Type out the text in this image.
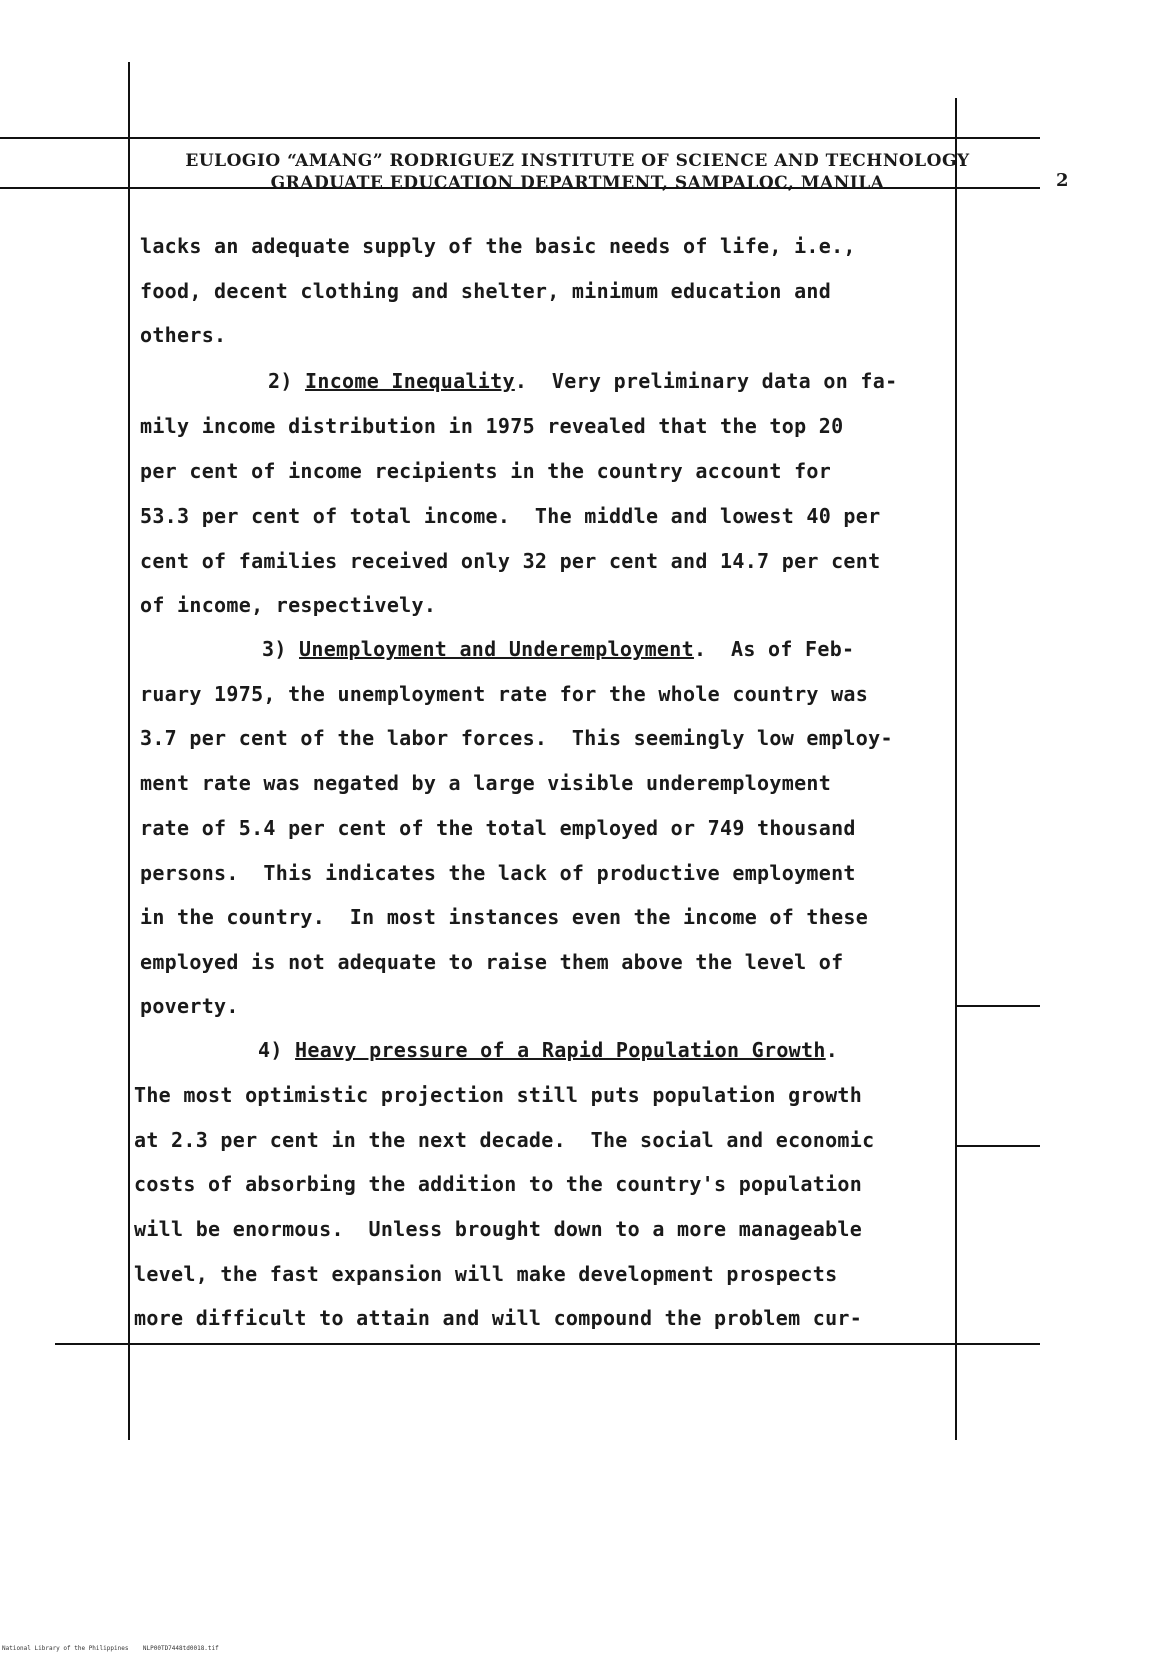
EULOGIO “AMANG” RODRIGUEZ INSTITUTE OF SCIENCE AND TECHNOLOGY
GRADUATE EDUCATION DEPARTMENT, SAMPALOC, MANILA	2
lacks an adequate supply of the basic needs of life, i.e.,
food, decent clothing and shelter, minimum education and
others.
2) Income Inequality.  Very preliminary data on fa-
mily income distribution in 1975 revealed that the top 20
per cent of income recipients in the country account for
53.3 per cent of total income.  The middle and lowest 40 per
cent of families received only 32 per cent and 14.7 per cent
of income, respectively.
3) Unemployment and Underemployment.  As of Feb-
ruary 1975, the unemployment rate for the whole country was
3.7 per cent of the labor forces.  This seemingly low employ-
ment rate was negated by a large visible underemployment
rate of 5.4 per cent of the total employed or 749 thousand
persons.  This indicates the lack of productive employment
in the country.  In most instances even the income of these
employed is not adequate to raise them above the level of
poverty.
4) Heavy pressure of a Rapid Population Growth.
The most optimistic projection still puts population growth
at 2.3 per cent in the next decade.  The social and economic
costs of absorbing the addition to the country's population
will be enormous.  Unless brought down to a more manageable
level, the fast expansion will make development prospects
more difficult to attain and will compound the problem cur-
National Library of the Philippines NLP00TD7448td0018.tif
